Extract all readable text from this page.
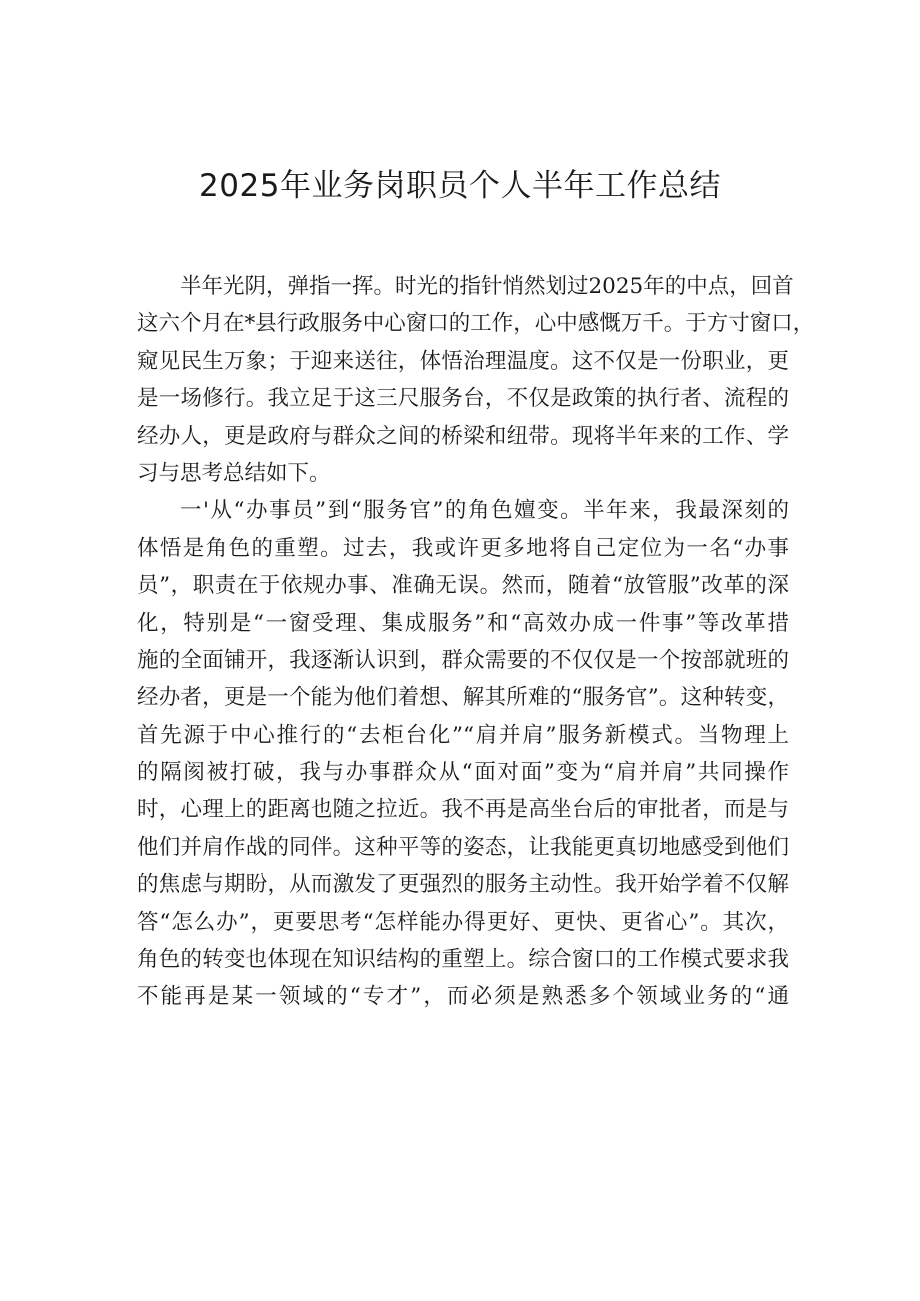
2025年业务岗职员个人半年工作总结
半年光阴，弹指一挥。时光的指针悄然划过2025年的中点，回首
这六个月在*县行政服务中心窗口的工作，心中感慨万千。于方寸窗口，
窥见民生万象；于迎来送往，体悟治理温度。这不仅是一份职业，更
是一场修行。我立足于这三尺服务台，不仅是政策的执行者、流程的
经办人，更是政府与群众之间的桥梁和纽带。现将半年来的工作、学
习与思考总结如下。
一'从“办事员”到“服务官”的角色嬗变。半年来，我最深刻的
体悟是角色的重塑。过去，我或许更多地将自己定位为一名“办事
员”，职责在于依规办事、准确无误。然而，随着“放管服”改革的深
化，特别是“一窗受理、集成服务”和“高效办成一件事”等改革措
施的全面铺开，我逐渐认识到，群众需要的不仅仅是一个按部就班的
经办者，更是一个能为他们着想、解其所难的“服务官”。这种转变，
首先源于中心推行的“去柜台化”“肩并肩”服务新模式。当物理上
的隔阂被打破，我与办事群众从“面对面”变为“肩并肩”共同操作
时，心理上的距离也随之拉近。我不再是高坐台后的审批者，而是与
他们并肩作战的同伴。这种平等的姿态，让我能更真切地感受到他们
的焦虑与期盼，从而激发了更强烈的服务主动性。我开始学着不仅解
答“怎么办”，更要思考“怎样能办得更好、更快、更省心”。其次，
角色的转变也体现在知识结构的重塑上。综合窗口的工作模式要求我
不能再是某一领域的“专才”，而必须是熟悉多个领域业务的“通
